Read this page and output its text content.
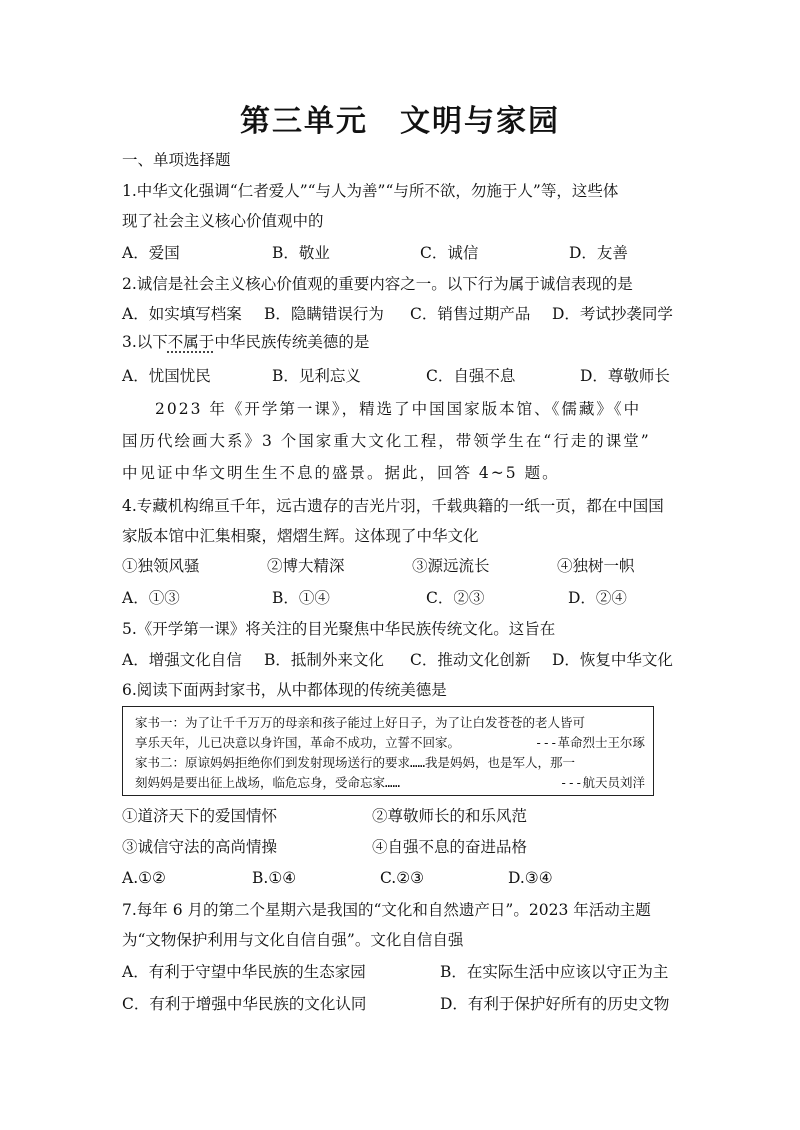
第三单元　文明与家园
一、单项选择题
1.中华文化强调“仁者爱人”“与人为善”“与所不欲，勿施于人”等，这些体
现了社会主义核心价值观中的
A．爱国	B．敬业	C．诚信	D．友善
2.诚信是社会主义核心价值观的重要内容之一。以下行为属于诚信表现的是
A．如实填写档案 B．隐瞒错误行为 C．销售过期产品 D．考试抄袭同学
3.以下不属于中华民族传统美德的是
A．忧国忧民	B．见利忘义	C．自强不息	D．尊敬师长
2023 年《开学第一课》，精选了中国国家版本馆、《儒藏》《中
国历代绘画大系》3 个国家重大文化工程，带领学生在“行走的课堂”
中见证中华文明生生不息的盛景。据此，回答 4~5 题。
4.专藏机构绵亘千年，远古遗存的吉光片羽，千载典籍的一纸一页，都在中国国
家版本馆中汇集相聚，熠熠生辉。这体现了中华文化
①独领风骚	②博大精深	③源远流长	④独树一帜
A．①③	B．①④	C．②③	D．②④
5.《开学第一课》将关注的目光聚焦中华民族传统文化。这旨在
A．增强文化自信 B．抵制外来文化 C．推动文化创新 D．恢复中华文化
6.阅读下面两封家书，从中都体现的传统美德是
家书一：为了让千千万万的母亲和孩子能过上好日子，为了让白发苍苍的老人皆可
享乐天年，儿已决意以身许国，革命不成功，立誓不回家。	---革命烈士王尔琢
家书二：原谅妈妈拒绝你们到发射现场送行的要求……我是妈妈，也是军人，那一
刻妈妈是要出征上战场，临危忘身，受命忘家……	---航天员刘洋
①道济天下的爱国情怀	②尊敬师长的和乐风范
③诚信守法的高尚情操	④自强不息的奋进品格
A.①②	B.①④	C.②③	D.③④
7.每年 6 月的第二个星期六是我国的“文化和自然遗产日”。2023 年活动主题
为“文物保护利用与文化自信自强”。文化自信自强
A．有利于守望中华民族的生态家园	B．在实际生活中应该以守正为主
C．有利于增强中华民族的文化认同	D．有利于保护好所有的历史文物
